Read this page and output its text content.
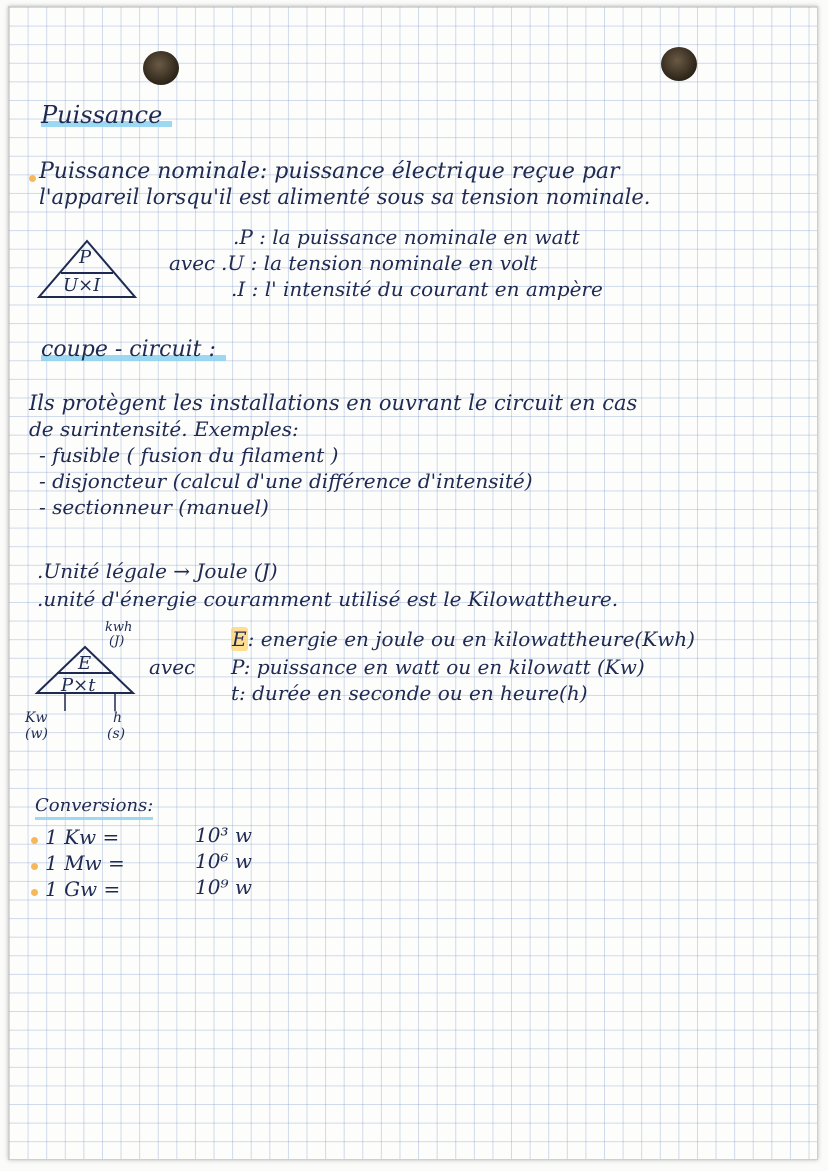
Puissance
Puissance nominale: puissance électrique reçue par
l'appareil lorsqu'il est alimenté sous sa tension nominale.
P
U×I
avec
.P : la puissance nominale en watt
.U : la tension nominale en volt
.I : l' intensité du courant en ampère
coupe - circuit :
Ils protègent les installations en ouvrant le circuit en cas
de surintensité. Exemples:
- fusible ( fusion du filament )
- disjoncteur (calcul d'une différence d'intensité)
- sectionneur (manuel)
.Unité légale → Joule (J)
.unité d'énergie couramment utilisé est le Kilowattheure.
kwh
(J)
E
P×t
Kw
(w)
h
(s)
avec
E: energie en joule ou en kilowattheure(Kwh)
P: puissance en watt ou en kilowatt (Kw)
t: durée en seconde ou en heure(h)
Conversions:
1 Kw =	10³ w
1 Mw =	10⁶ w
1 Gw =	10⁹ w
